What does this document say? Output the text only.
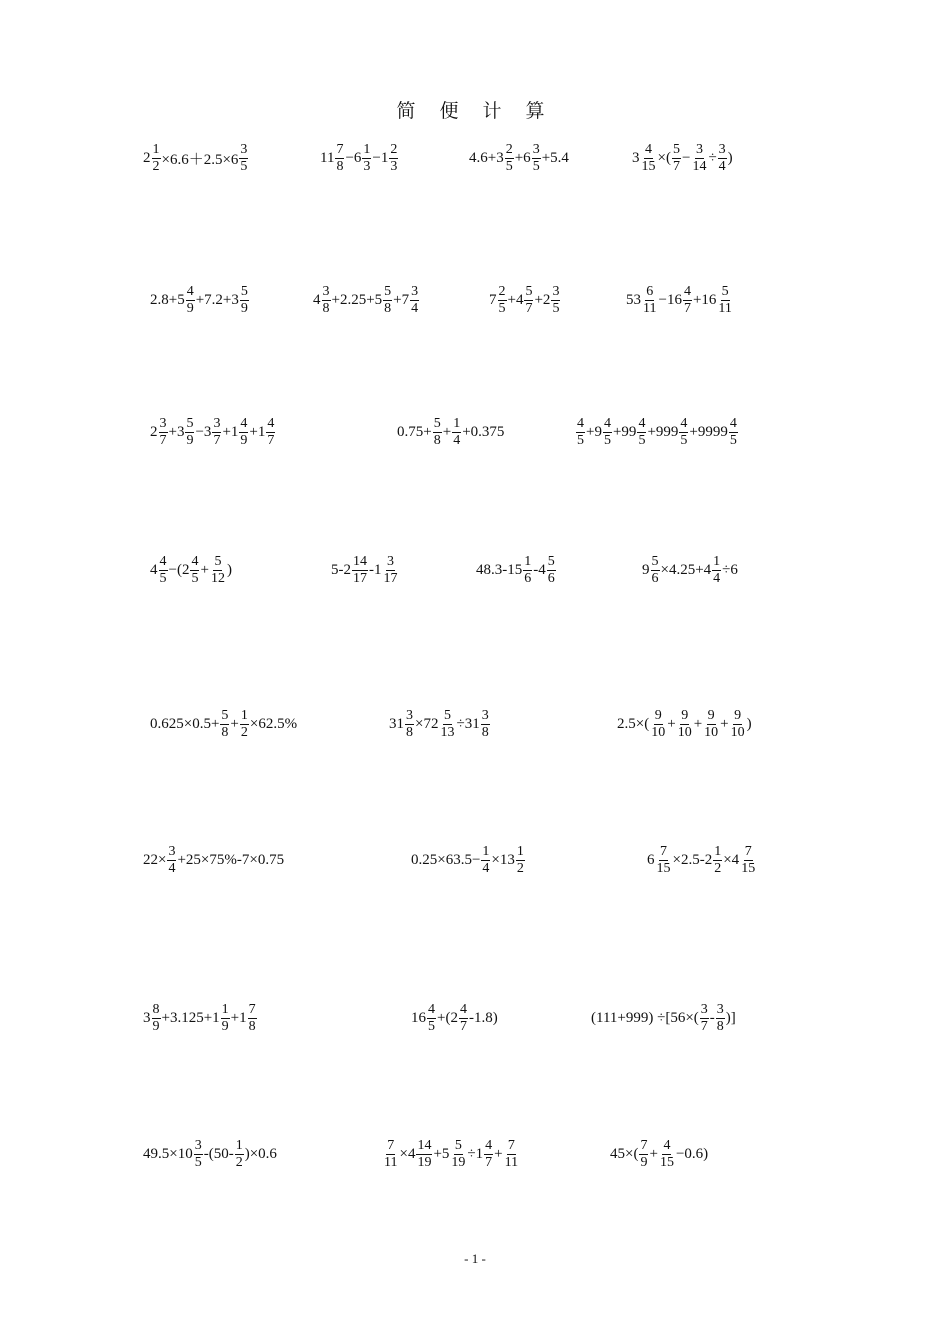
简 便 计 算
$2 \frac{1}{2} \times 6.6+2.5\times 6 \frac{3}{5}$	$11 \frac{7}{8} -6 \frac{1}{3} -1 \frac{2}{3}$	$4.6+3 \frac{2}{5} +6 \frac{3}{5} +5.4$	$3 \frac{4}{15}$ ×( $\frac{5}{7} - \frac{3}{14} \div \frac{3}{4}$ )
$2.8+5 \frac{4}{9} +7.2+3 \frac{5}{9}$	$4 \frac{3}{8} +2.25+5 \frac{5}{8} +7 \frac{3}{4}$	$7 \frac{2}{5} +4 \frac{5}{7} +2 \frac{3}{5}$	$53 \frac{6}{11} -16 \frac{4}{7} +16 \frac{5}{11}$
$2 \frac{3}{7} +3 \frac{5}{9} -3 \frac{3}{7} +1 \frac{4}{9} +1 \frac{4}{7}$	$0.75+ \frac{5}{8} + \frac{1}{4} +0.375$	$\frac{4}{5} +9 \frac{4}{5} +99 \frac{4}{5} +999 \frac{4}{5} +9999 \frac{4}{5}$
$4 \frac{4}{5} -(2 \frac{4}{5} + \frac{5}{12}$ )	$5-2 \frac{14}{17} -1 \frac{3}{17}$	$48.3-15 \frac{1}{6} -4 \frac{5}{6}$	$9 \frac{5}{6} \times 4.25+4 \frac{1}{4} \div 6$
$0.625\times 0.5+ \frac{5}{8} + \frac{1}{2} \times 62.5\%$	$31 \frac{3}{8} \times 72 \frac{5}{13} \div 31 \frac{3}{8}$	$2.5\times( \frac{9}{10} + \frac{9}{10} + \frac{9}{10} + \frac{9}{10}$ )
$22\times \frac{3}{4} +25\times 75\%-7\times 0.75$	$0.25\times 63.5- \frac{1}{4} \times 13 \frac{1}{2}$	$6 \frac{7}{15} \times 2.5-2 \frac{1}{2} \times 4 \frac{7}{15}$
$3 \frac{8}{9} +3.125+1 \frac{1}{9} +1 \frac{7}{8}$	$16 \frac{4}{5} +(2 \frac{4}{7} -1.8)$	$(111+999) \div[56\times( \frac{3}{7} - \frac{3}{8}$ )]
$49.5\times 10 \frac{3}{5} -(50- \frac{1}{2} )\times 0.6$	$\frac{7}{11} \times 4 \frac{14}{19} +5 \frac{5}{19} \div 1 \frac{4}{7} + \frac{7}{11}$	$45\times( \frac{7}{9} + \frac{4}{15} -0.6)$
- 1 -
